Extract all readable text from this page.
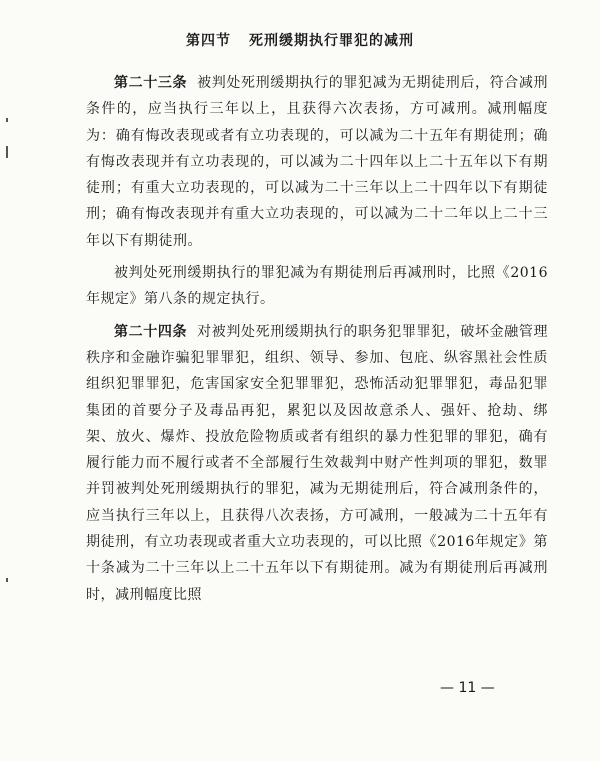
第四节 死刑缓期执行罪犯的减刑

第二十三条 被判处死刑缓期执行的罪犯减为无期徒刑后，符合减刑条件的，应当执行三年以上，且获得六次表扬，方可减刑。减刑幅度为：确有悔改表现或者有立功表现的，可以减为二十五年有期徒刑；确有悔改表现并有立功表现的，可以减为二十四年以上二十五年以下有期徒刑；有重大立功表现的，可以减为二十三年以上二十四年以下有期徒刑；确有悔改表现并有重大立功表现的，可以减为二十二年以上二十三年以下有期徒刑。

被判处死刑缓期执行的罪犯减为有期徒刑后再减刑时，比照《2016年规定》第八条的规定执行。

第二十四条 对被判处死刑缓期执行的职务犯罪罪犯，破坏金融管理秩序和金融诈骗犯罪罪犯，组织、领导、参加、包庇、纵容黑社会性质组织犯罪罪犯，危害国家安全犯罪罪犯，恐怖活动犯罪罪犯，毒品犯罪集团的首要分子及毒品再犯，累犯以及因故意杀人、强奸、抢劫、绑架、放火、爆炸、投放危险物质或者有组织的暴力性犯罪的罪犯，确有履行能力而不履行或者不全部履行生效裁判中财产性判项的罪犯，数罪并罚被判处死刑缓期执行的罪犯，减为无期徒刑后，符合减刑条件的，应当执行三年以上，且获得八次表扬，方可减刑，一般减为二十五年有期徒刑，有立功表现或者重大立功表现的，可以比照《2016年规定》第十条减为二十三年以上二十五年以下有期徒刑。减为有期徒刑后再减刑时，减刑幅度比照

— 11 —
